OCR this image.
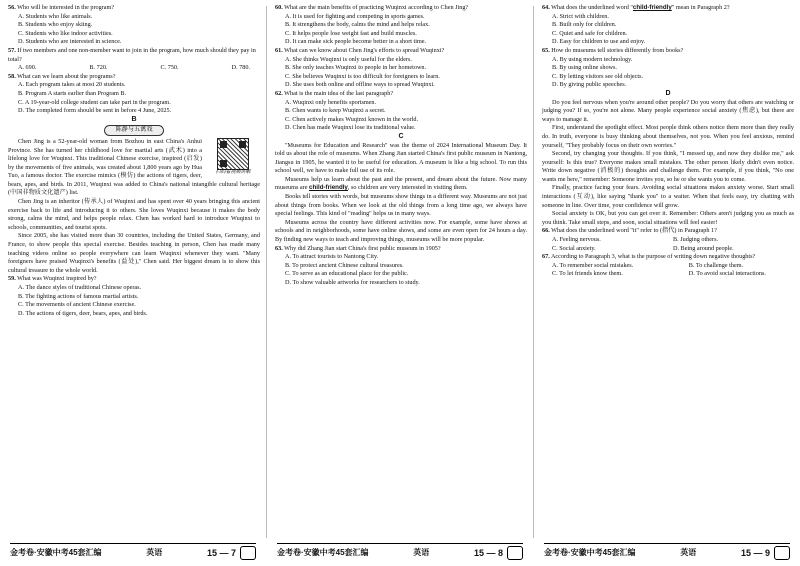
56. Who will be interested in the program?

A. Students who like animals.

B. Students who enjoy skiing.

C. Students who like indoor activities.

D. Students who are interested in science.

57. If two members and one non-member want to join in the program, how much should they pay in total?

A. 690.	B. 720.	C. 750.	D. 780.

58. What can we learn about the programs?

A. Each program takes at most 20 students.

B. Program A starts earlier than Program B.

C. A 19-year-old college student can take part in the program.

D. The completed form should be sent in before 4 June, 2025.

B

陈静与五禽戏
扫码看视频讲解

Chen Jing is a 52-year-old woman from Bozhou in east China's Anhui Province. She has turned her childhood love for martial arts (武术) into a lifelong love for Wuqinxi. This traditional Chinese exercise, inspired (启发) by the movements of five animals, was created about 1,800 years ago by Hua Tuo, a famous doctor. The exercise mimics (模仿) the actions of tigers, deer, bears, apes, and birds. In 2011, Wuqinxi was added to China's national intangible cultural heritage (中国非物质文化遗产) list.

Chen Jing is an inheritor (传承人) of Wuqinxi and has spent over 40 years bringing this ancient exercise back to life and introducing it to others. She loves Wuqinxi because it makes the body strong, calms the mind, and helps people relax. Chen has worked hard to introduce Wuqinxi to schools, communities, and tourist spots.

Since 2005, she has visited more than 30 countries, including the United States, Germany, and France, to show people this special exercise. Besides teaching in person, Chen has made many teaching videos online so people everywhere can learn Wuqinxi whenever they want. "Many foreigners have praised Wuqinxi's benefits (益处)," Chen said. Her biggest dream is to show this cultural treasure to the whole world.

59. What was Wuqinxi inspired by?

A. The dance styles of traditional Chinese operas.

B. The fighting actions of famous martial artists.

C. The movements of ancient Chinese exercise.

D. The actions of tigers, deer, bears, apes, and birds.

金考卷·安徽中考45套汇编	英语	15 — 7

60. What are the main benefits of practicing Wuqinxi according to Chen Jing?

A. It is used for fighting and competing in sports games.

B. It strengthens the body, calms the mind and helps relax.

C. It helps people lose weight fast and build muscles.

D. It can make sick people become better in a short time.

61. What can we know about Chen Jing's efforts to spread Wuqinxi?

A. She thinks Wuqinxi is only useful for the elders.

B. She only teaches Wuqinxi to people in her hometown.

C. She believes Wuqinxi is too difficult for foreigners to learn.

D. She uses both online and offline ways to spread Wuqinxi.

62. What is the main idea of the last paragraph?

A. Wuqinxi only benefits sportsmen.

B. Chen wants to keep Wuqinxi a secret.

C. Chen actively makes Wuqinxi known in the world.

D. Chen has made Wuqinxi lose its traditional value.

C

"Museums for Education and Research" was the theme of 2024 International Museum Day. It told us about the role of museums. When Zhang Jian started China's first public museum in Nantong, Jiangsu in 1905, he wanted it to be useful for education. A museum is like a big school. To run this school well, we have to make full use of its role.

Museums help us learn about the past and the present, and dream about the future. Now many museums are child-friendly, so children are very interested in visiting them.

Books tell stories with words, but museums show things in a different way. Museums are not just about things from books. When we look at the old things from a long time ago, we always have special feelings. This kind of "reading" helps us in many ways.

Museums across the country have different activities now. For example, some have shows at schools and in neighborhoods, some have online shows, and some are even open for 24 hours a day. By finding new ways to teach and improving things, museums will be more popular.

63. Why did Zhang Jian start China's first public museum in 1905?

A. To attract tourists to Nantong City.

B. To protect ancient Chinese cultural treasures.

C. To serve as an educational place for the public.

D. To show valuable artworks for researchers to study.

金考卷·安徽中考45套汇编	英语	15 — 8

64. What does the underlined word "child-friendly" mean in Paragraph 2?

A. Strict with children.

B. Built only for children.

C. Quiet and safe for children.

D. Easy for children to use and enjoy.

65. How do museums tell stories differently from books?

A. By using modern technology.

B. By using online shows.

C. By letting visitors see old objects.

D. By giving public speeches.

D

Do you feel nervous when you're around other people? Do you worry that others are watching or judging you? If so, you're not alone. Many people experience social anxiety (焦虑), but there are ways to manage it.

First, understand the spotlight effect. Most people think others notice them more than they really do. In truth, everyone is busy thinking about themselves, not you. When you feel anxious, remind yourself, "They probably focus on their own worries."

Second, try changing your thoughts. If you think, "I messed up, and now they dislike me," ask yourself: Is this true? Everyone makes small mistakes. The other person likely didn't even notice. Write down negative (消极的) thoughts and challenge them. For example, if you think, "No one wants me here," remember: Someone invites you, so he or she wants you to come.

Finally, practice facing your fears. Avoiding social situations makes anxiety worse. Start small interactions (互动), like saying "thank you" to a waiter. When that feels easy, try chatting with someone in line. Over time, your confidence will grow.

Social anxiety is OK, but you can get over it. Remember: Others aren't judging you as much as you think. Take small steps, and soon, social situations will feel easier!

66. What does the underlined word "it" refer to (指代) in Paragraph 1?

A. Feeling nervous.	B. Judging others.
C. Social anxiety.	D. Being around people.

67. According to Paragraph 3, what is the purpose of writing down negative thoughts?

A. To remember social mistakes.	B. To challenge them.
C. To let friends know them.	D. To avoid social interactions.
金考卷·安徽中考45套汇编	英语	15 — 9
